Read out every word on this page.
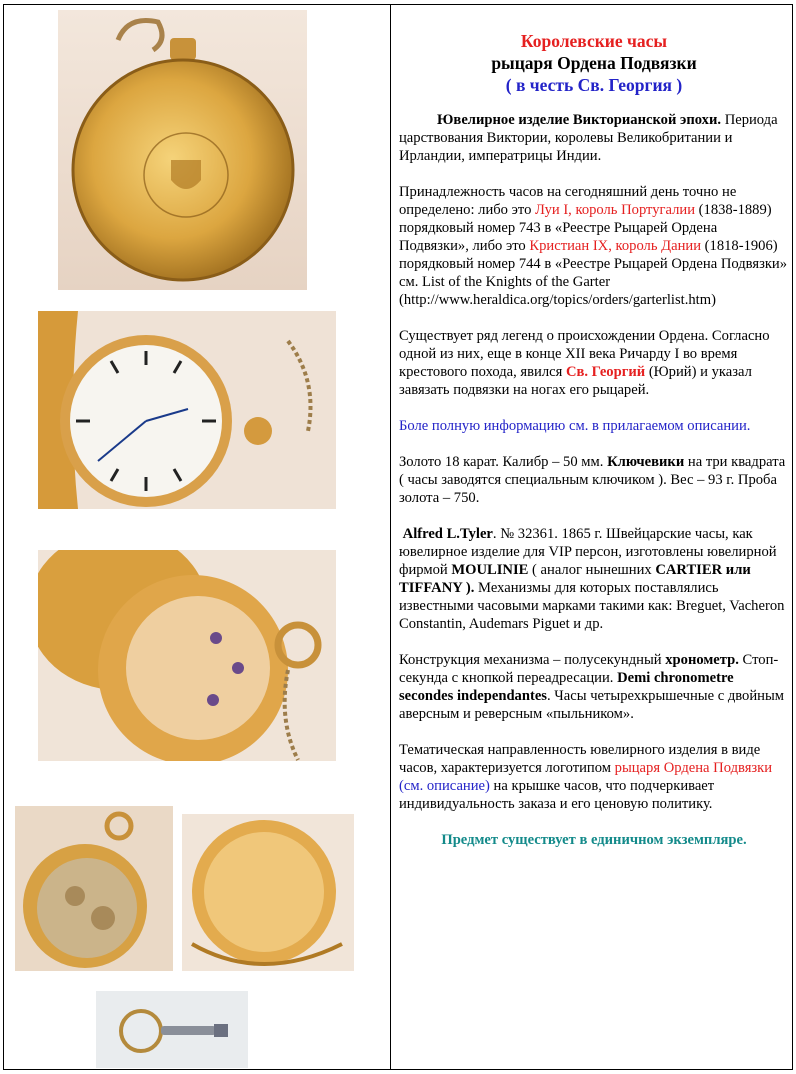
Королевские часы
рыцаря Ордена Подвязки
( в честь Св. Георгия )

Ювелирное изделие Викторианской эпохи. Периода царствования Виктории, королевы Великобритании и Ирландии, императрицы Индии.

Принадлежность часов на сегодняшний день точно не определено: либо это Луи I, король Португалии (1838-1889) порядковый номер 743 в «Реестре Рыцарей Ордена Подвязки», либо это Кристиан IX, король Дании (1818-1906) порядковый номер 744 в «Реестре Рыцарей Ордена Подвязки»
см. List of the Knights of the Garter
(http://www.heraldica.org/topics/orders/garterlist.htm)

Существует ряд легенд о происхождении Ордена. Согласно одной из них, еще в конце XII века Ричарду I во время крестового похода, явился Св. Георгий (Юрий) и указал завязать подвязки на ногах его рыцарей.

Боле полную информацию см. в прилагаемом описании.

Золото 18 карат. Калибр – 50 мм. Ключевики на три квадрата ( часы заводятся специальным ключиком ). Вес – 93 г. Проба золота – 750.

Alfred L.Tyler. № 32361. 1865 г. Швейцарские часы, как ювелирное изделие для VIP персон, изготовлены ювелирной фирмой MOULINIE ( аналог нынешних CARTIER или TIFFANY ). Механизмы для которых поставлялись известными часовыми марками такими как: Breguet, Vacheron Constantin, Audemars Piguet и др.

Конструкция механизма – полусекундный хронометр. Стоп-секунда с кнопкой переадресации. Demi chronometre secondes independantes. Часы четырехкрышечные с двойным аверсным и реверсным «пыльником».

Тематическая направленность ювелирного изделия в виде часов, характеризуется логотипом рыцаря Ордена Подвязки (см. описание) на крышке часов, что подчеркивает индивидуальность заказа и его ценовую политику.

Предмет существует в единичном экземпляре.
